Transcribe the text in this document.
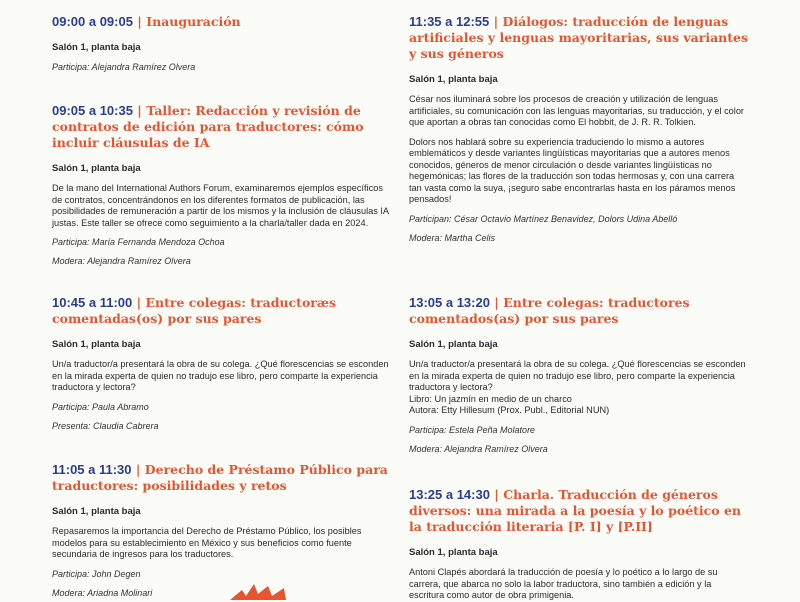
09:00 a 09:05 | Inauguración
Salón 1, planta baja
Participa: Alejandra Ramírez Olvera
09:05 a 10:35 | Taller: Redacción y revisión de contratos de edición para traductores: cómo incluir cláusulas de IA
Salón 1, planta baja

De la mano del International Authors Forum, examinaremos ejemplos específicos de contratos, concentrándonos en los diferentes formatos de publicación, las posibilidades de remuneración a partir de los mismos y la inclusión de cláusulas IA justas. Este taller se ofrece como seguimiento a la charla/taller dada en 2024.

Participa: María Fernanda Mendoza Ochoa
Modera: Alejandra Ramírez Olvera
10:45 a 11:00 | Entre colegas: traductoræs comentadas(os) por sus pares
Salón 1, planta baja

Un/a traductor/a presentará la obra de su colega. ¿Qué florescencias se esconden en la mirada experta de quien no tradujo ese libro, pero comparte la experiencia traductora y lectora?

Participa: Paula Abramo
Presenta: Claudia Cabrera
11:05 a 11:30 | Derecho de Préstamo Público para traductores: posibilidades y retos
Salón 1, planta baja

Repasaremos la importancia del Derecho de Préstamo Público, los posibles modelos para su establecimiento en México y sus beneficios como fuente secundaria de ingresos para los traductores.

Participa: John Degen
Modera: Ariadna Molinari
11:35 a 12:55 | Diálogos: traducción de lenguas artificiales y lenguas mayoritarias, sus variantes y sus géneros
Salón 1, planta baja

César nos iluminará sobre los procesos de creación y utilización de lenguas artificiales, su comunicación con las lenguas mayoritarias, su traducción, y el color que aportan a obras tan conocidas como El hobbit, de J. R. R. Tolkien.

Dolors nos hablará sobre su experiencia traduciendo lo mismo a autores emblemáticos y desde variantes lingüísticas mayoritarias que a autores menos conocidos, géneros de menor circulación o desde variantes lingüísticas no hegemónicas; las flores de la traducción son todas hermosas y, con una carrera tan vasta como la suya, ¡seguro sabe encontrarlas hasta en los páramos menos pensados!

Participan: César Octavio Martínez Benavidez, Dolors Udina Abelló
Modera: Martha Celis
13:05 a 13:20 | Entre colegas: traductores comentados(as) por sus pares
Salón 1, planta baja

Un/a traductor/a presentará la obra de su colega. ¿Qué florescencias se esconden en la mirada experta de quien no tradujo ese libro, pero comparte la experiencia traductora y lectora?

Libro: Un jazmín en medio de un charco

Autora: Etty Hillesum (Prox. Publ., Editorial NUN)

Participa: Estela Peña Molatore
Modera: Alejandra Ramírez Olvera
13:25 a 14:30 | Charla. Traducción de géneros diversos: una mirada a la poesía y lo poético en la traducción literaria [P. I] y [P.II]
Salón 1, planta baja

Antoni Clapés abordará la traducción de poesía y lo poético a lo largo de su carrera, que abarca no solo la labor traductora, sino también a edición y la escritura como autor de obra primigenia.
